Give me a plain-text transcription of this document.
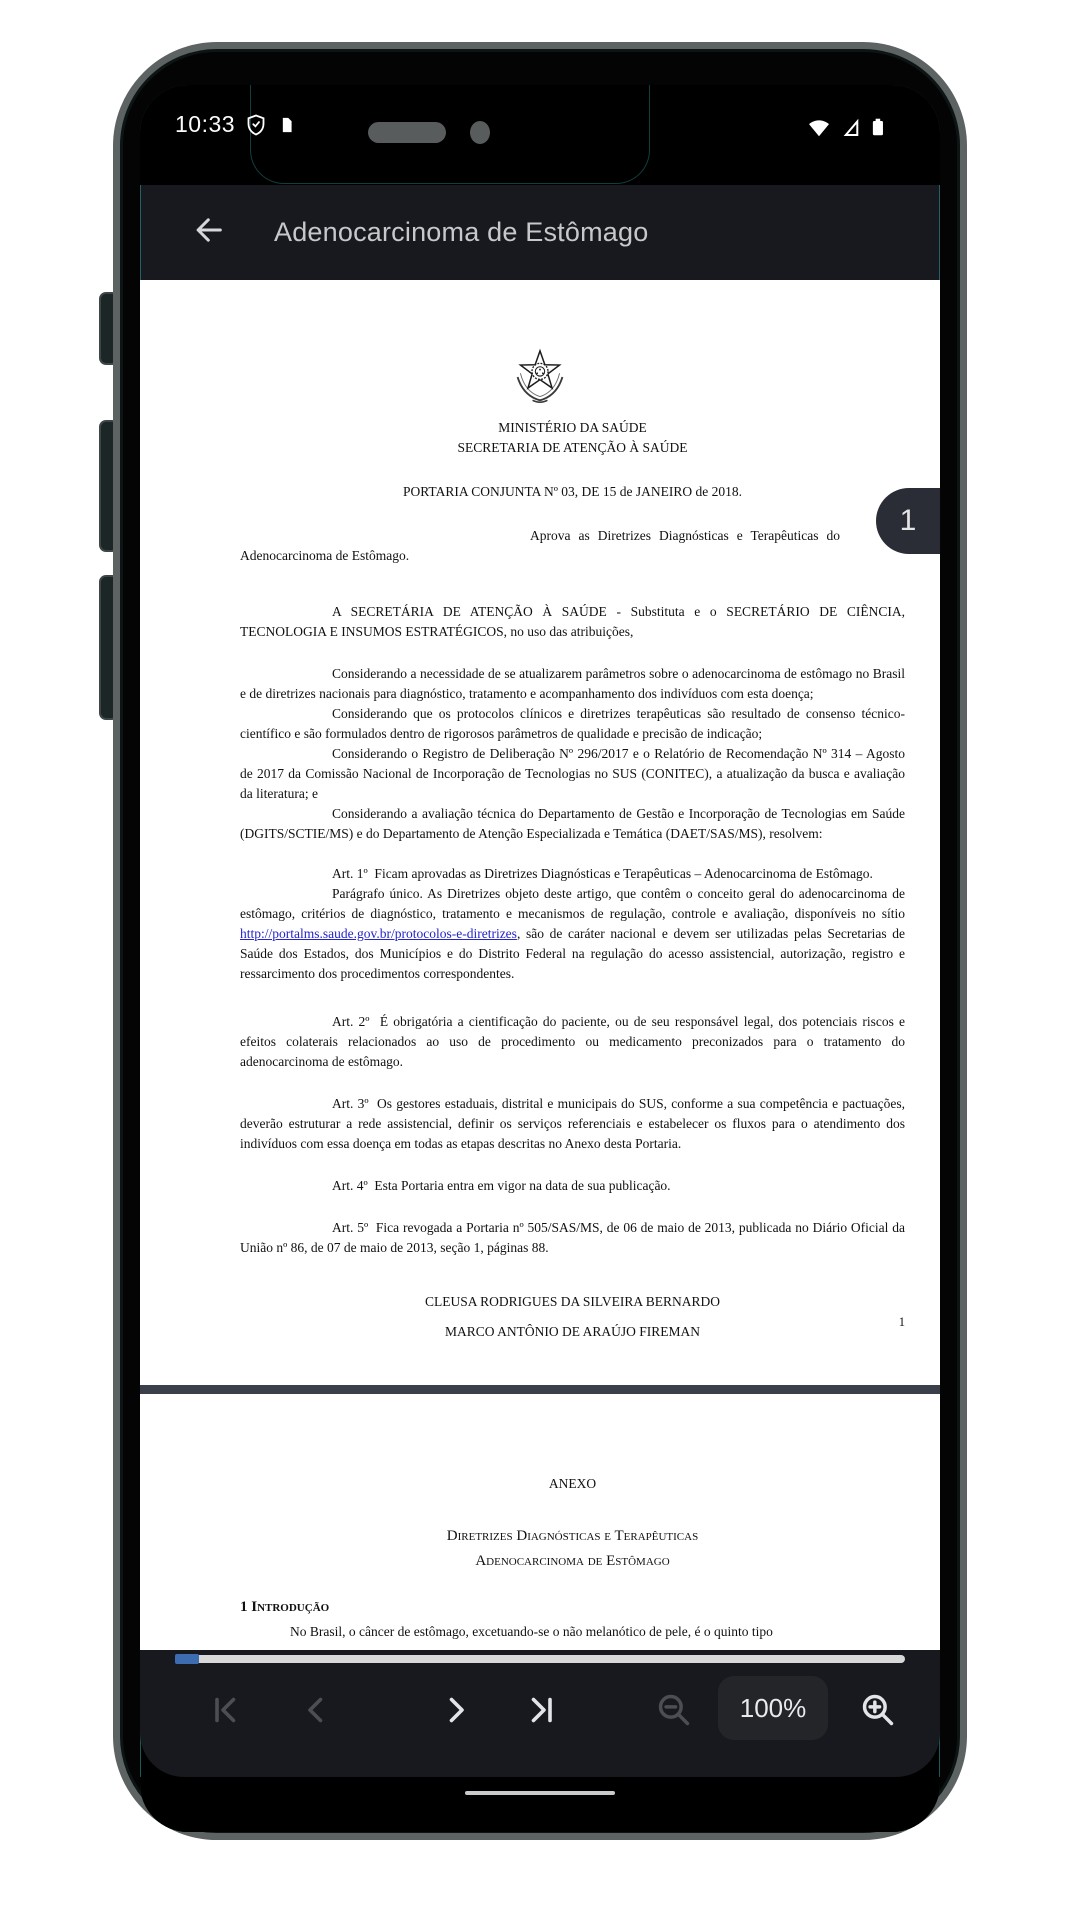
10:33
Adenocarcinoma de Estômago
MINISTÉRIO DA SAÚDE
SECRETARIA DE ATENÇÃO À SAÚDE
PORTARIA CONJUNTA Nº 03, DE 15 de JANEIRO de 2018.

Aprova as Diretrizes Diagnósticas e Terapêuticas do Adenocarcinoma de Estômago.

A SECRETÁRIA DE ATENÇÃO À SAÚDE - Substituta e o SECRETÁRIO DE CIÊNCIA, TECNOLOGIA E INSUMOS ESTRATÉGICOS, no uso das atribuições,

Considerando a necessidade de se atualizarem parâmetros sobre o adenocarcinoma de estômago no Brasil e de diretrizes nacionais para diagnóstico, tratamento e acompanhamento dos indivíduos com esta doença;

Considerando que os protocolos clínicos e diretrizes terapêuticas são resultado de consenso técnico-científico e são formulados dentro de rigorosos parâmetros de qualidade e precisão de indicação;

Considerando o Registro de Deliberação Nº 296/2017 e o Relatório de Recomendação Nº 314 – Agosto de 2017 da Comissão Nacional de Incorporação de Tecnologias no SUS (CONITEC), a atualização da busca e avaliação da literatura; e

Considerando a avaliação técnica do Departamento de Gestão e Incorporação de Tecnologias em Saúde (DGITS/SCTIE/MS) e do Departamento de Atenção Especializada e Temática (DAET/SAS/MS), resolvem:

Art. 1º  Ficam aprovadas as Diretrizes Diagnósticas e Terapêuticas – Adenocarcinoma de Estômago.

Parágrafo único. As Diretrizes objeto deste artigo, que contêm o conceito geral do adenocarcinoma de estômago, critérios de diagnóstico, tratamento e mecanismos de regulação, controle e avaliação, disponíveis no sítio http://portalms.saude.gov.br/protocolos-e-diretrizes, são de caráter nacional e devem ser utilizadas pelas Secretarias de Saúde dos Estados, dos Municípios e do Distrito Federal na regulação do acesso assistencial, autorização, registro e ressarcimento dos procedimentos correspondentes.

Art. 2º  É obrigatória a cientificação do paciente, ou de seu responsável legal, dos potenciais riscos e efeitos colaterais relacionados ao uso de procedimento ou medicamento preconizados para o tratamento do adenocarcinoma de estômago.

Art. 3º  Os gestores estaduais, distrital e municipais do SUS, conforme a sua competência e pactuações, deverão estruturar a rede assistencial, definir os serviços referenciais e estabelecer os fluxos para o atendimento dos indivíduos com essa doença em todas as etapas descritas no Anexo desta Portaria.

Art. 4º  Esta Portaria entra em vigor na data de sua publicação.

Art. 5º  Fica revogada a Portaria nº 505/SAS/MS, de 06 de maio de 2013, publicada no Diário Oficial da União nº 86, de 07 de maio de 2013, seção 1, páginas 88.

CLEUSA RODRIGUES DA SILVEIRA BERNARDO

MARCO ANTÔNIO DE ARAÚJO FIREMAN

1
ANEXO
Diretrizes Diagnósticas e Terapêuticas
Adenocarcinoma de Estômago
1 Introdução

No Brasil, o câncer de estômago, excetuando-se o não melanótico de pele, é o quinto tipo

1
100%
